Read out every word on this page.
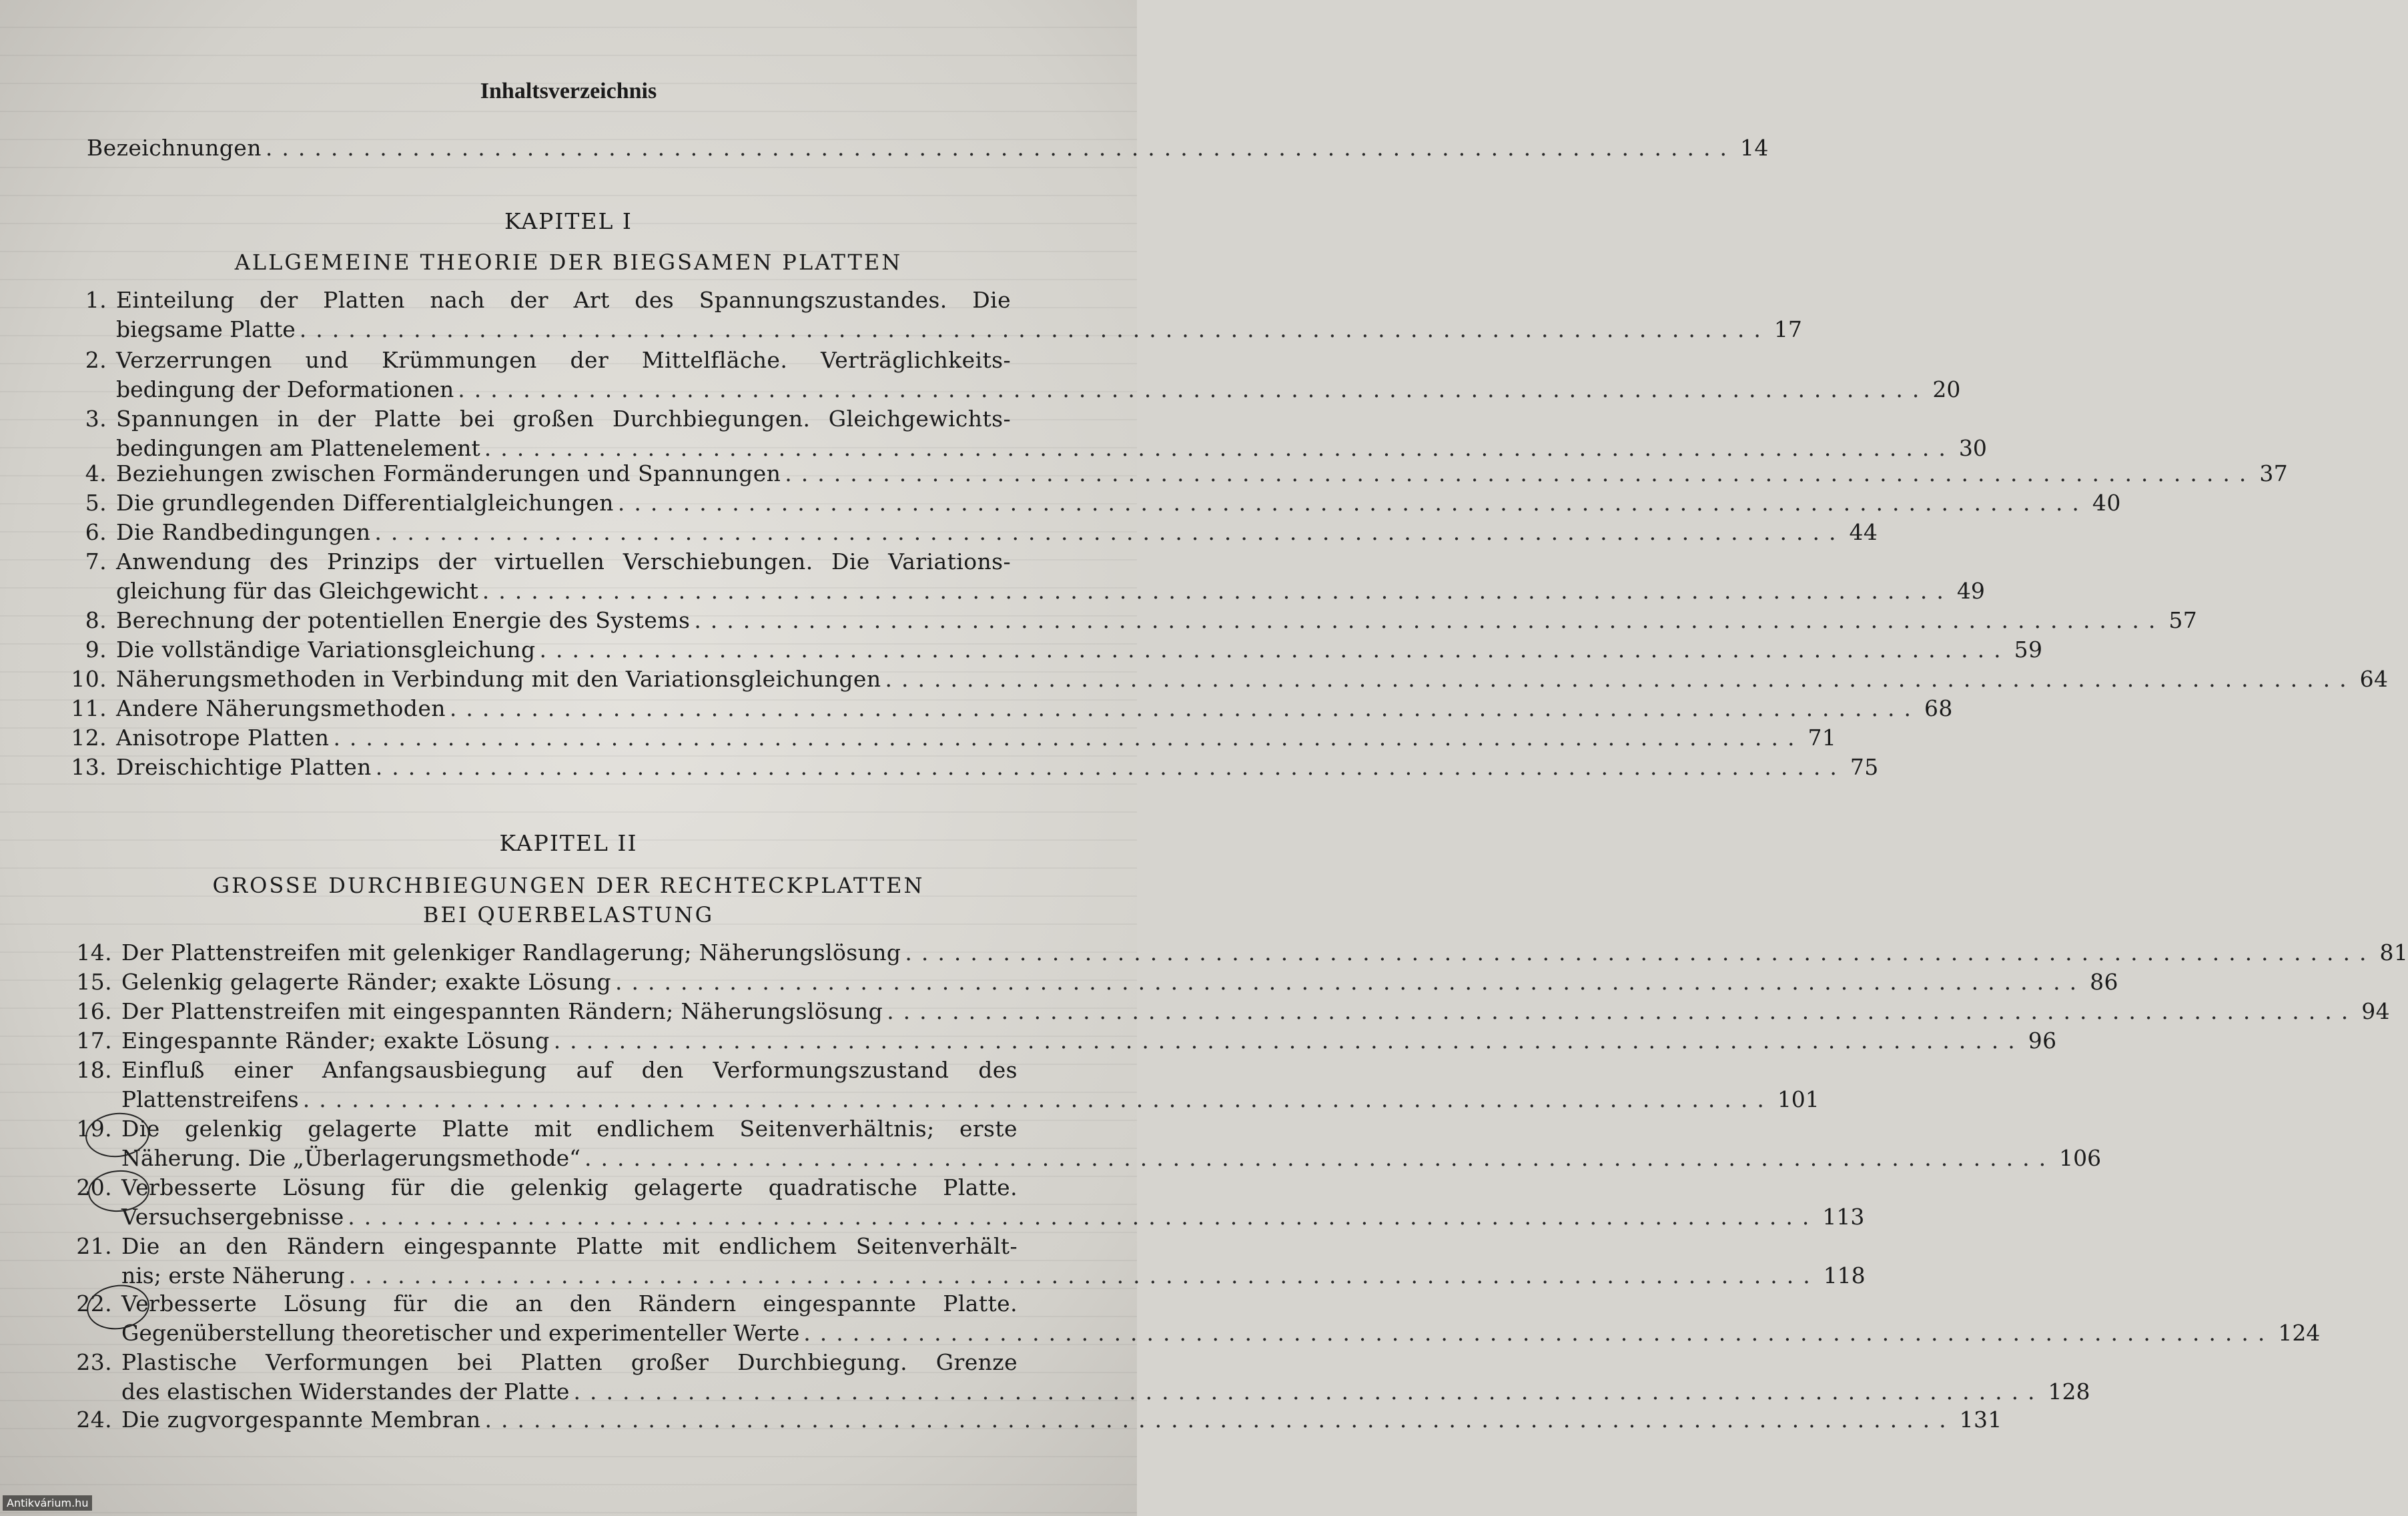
Inhaltsverzeichnis
Bezeichnungen .......................................................................................... 14
KAPITEL I
ALLGEMEINE THEORIE DER BIEGSAMEN PLATTEN
1. Einteilung der Platten nach der Art des Spannungszustandes. Die
biegsame Platte .......................................................................................... 17
2. Verzerrungen und Krümmungen der Mittelfläche. Verträglichkeits-
bedingung der Deformationen .......................................................................................... 20
3. Spannungen in der Platte bei großen Durchbiegungen. Gleichgewichts-
bedingungen am Plattenelement .......................................................................................... 30
4. Beziehungen zwischen Formänderungen und Spannungen .......................................................................................... 37
5. Die grundlegenden Differentialgleichungen .......................................................................................... 40
6. Die Randbedingungen .......................................................................................... 44
7. Anwendung des Prinzips der virtuellen Verschiebungen. Die Variations-
gleichung für das Gleichgewicht .......................................................................................... 49
8. Berechnung der potentiellen Energie des Systems .......................................................................................... 57
9. Die vollständige Variationsgleichung .......................................................................................... 59
10. Näherungsmethoden in Verbindung mit den Variationsgleichungen .......................................................................................... 64
11. Andere Näherungsmethoden .......................................................................................... 68
12. Anisotrope Platten .......................................................................................... 71
13. Dreischichtige Platten .......................................................................................... 75
KAPITEL II
GROSSE DURCHBIEGUNGEN DER RECHTECKPLATTEN
BEI QUERBELASTUNG
14. Der Plattenstreifen mit gelenkiger Randlagerung; Näherungslösung .......................................................................................... 81
15. Gelenkig gelagerte Ränder; exakte Lösung .......................................................................................... 86
16. Der Plattenstreifen mit eingespannten Rändern; Näherungslösung .......................................................................................... 94
17. Eingespannte Ränder; exakte Lösung .......................................................................................... 96
18. Einfluß einer Anfangsausbiegung auf den Verformungszustand des
Plattenstreifens .......................................................................................... 101
19. Die gelenkig gelagerte Platte mit endlichem Seitenverhältnis; erste
Näherung. Die „Überlagerungsmethode“ .......................................................................................... 106
20. Verbesserte Lösung für die gelenkig gelagerte quadratische Platte.
Versuchsergebnisse .......................................................................................... 113
21. Die an den Rändern eingespannte Platte mit endlichem Seitenverhält-
nis; erste Näherung .......................................................................................... 118
22. Verbesserte Lösung für die an den Rändern eingespannte Platte.
Gegenüberstellung theoretischer und experimenteller Werte .......................................................................................... 124
23. Plastische Verformungen bei Platten großer Durchbiegung. Grenze
des elastischen Widerstandes der Platte .......................................................................................... 128
24. Die zugvorgespannte Membran .......................................................................................... 131
Antikvárium.hu
